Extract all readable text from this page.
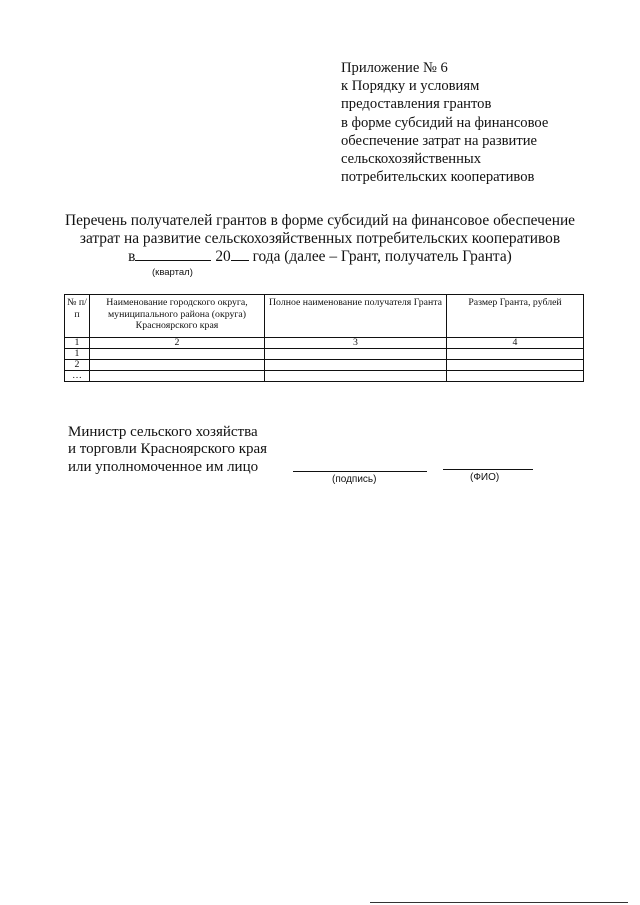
Приложение № 6
к Порядку и условиям
предоставления грантов
в форме субсидий на финансовое
обеспечение затрат на развитие
сельскохозяйственных
потребительских кооперативов
Перечень получателей грантов в форме субсидий на финансовое обеспечение
затрат на развитие сельскохозяйственных потребительских кооперативов
в	20 года (далее – Грант, получатель Гранта)
(квартал)
№ п/п	Наименование городского округа, муниципального района (округа) Красноярского края	Полное наименование получателя Гранта	Размер Гранта, рублей
1	2	3	4
1			
2			
…			
Министр сельского хозяйства
и торговли Красноярского края
или уполномоченное им лицо
(подпись)	(ФИО)
